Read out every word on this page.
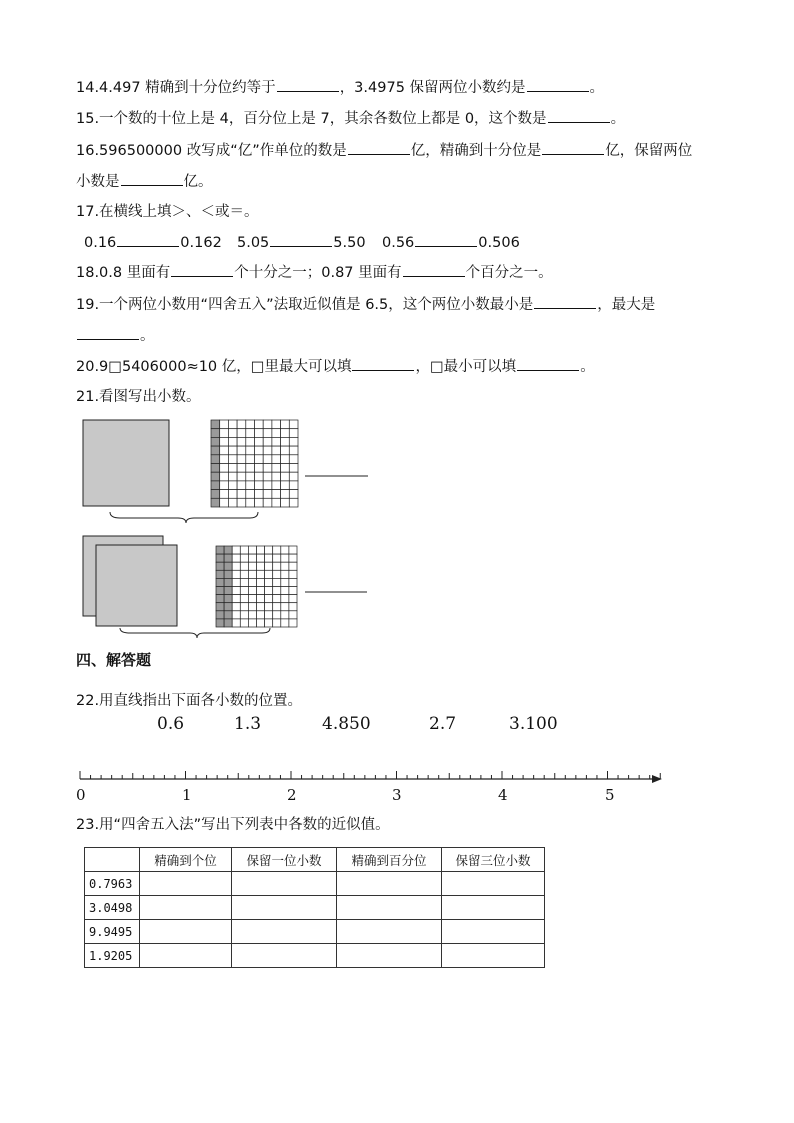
14.4.497 精确到十分位约等于	，3.4975 保留两位小数约是	。
15.一个数的十位上是 4，百分位上是 7，其余各数位上都是 0，这个数是	。
16.596500000 改写成“亿”作单位的数是	亿，精确到十分位是	亿，保留两位
小数是	亿。
17.在横线上填＞、＜或＝。
0.16	0.162 5.05	5.50 0.56	0.506
18.0.8 里面有	个十分之一；0.87 里面有	个百分之一。
19.一个两位小数用“四舍五入”法取近似值是 6.5，这个两位小数最小是	，最大是
。
20.9□5406000≈10 亿，□里最大可以填	，□最小可以填	。
21.看图写出小数。
四、解答题
22.用直线指出下面各小数的位置。
0.6	1.3	4.850	2.7	3.100
0	1	2	3	4	5
23.用“四舍五入法”写出下列表中各数的近似值。
	精确到个位	保留一位小数	精确到百分位	保留三位小数
0.7963				
3.0498				
9.9495				
1.9205				
